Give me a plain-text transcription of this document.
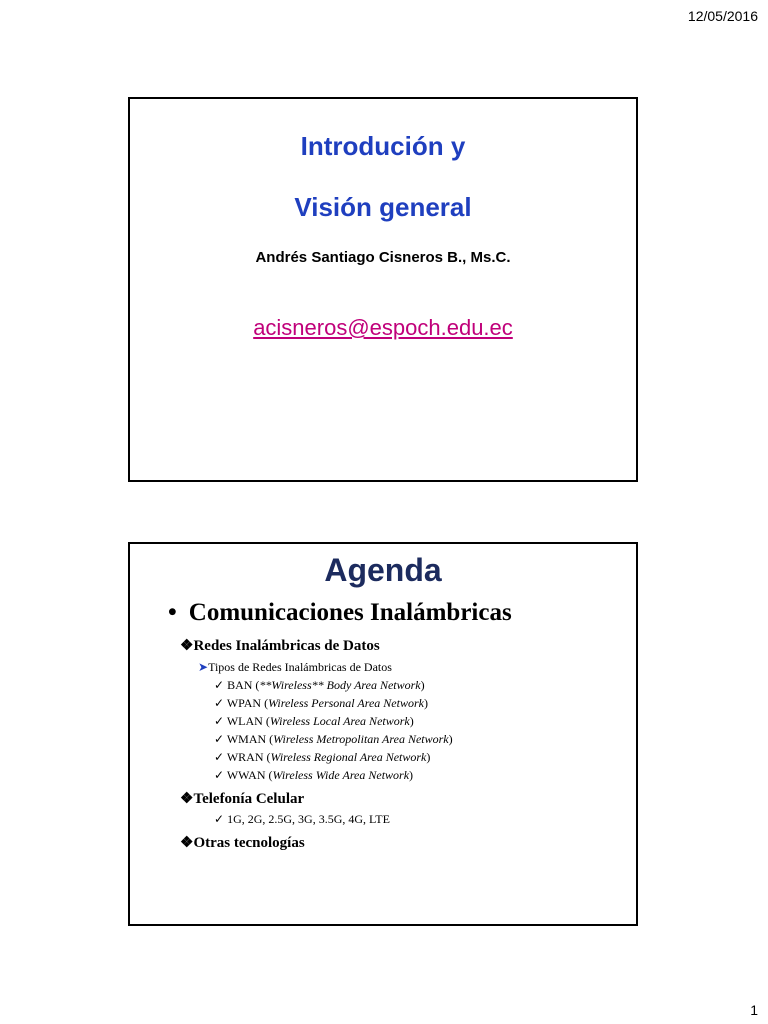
12/05/2016
Introdución y
Visión general
Andrés Santiago Cisneros B., Ms.C.
acisneros@espoch.edu.ec
Agenda
• Comunicaciones Inalámbricas
❖Redes Inalámbricas de Datos
➤Tipos de Redes Inalámbricas de Datos
✓ BAN (**Wireless** Body Area Network)
✓ WPAN (Wireless Personal Area Network)
✓ WLAN (Wireless Local Area Network)
✓ WMAN (Wireless Metropolitan Area Network)
✓ WRAN (Wireless Regional Area Network)
✓ WWAN (Wireless Wide Area Network)
❖Telefonía Celular
✓ 1G, 2G, 2.5G, 3G, 3.5G, 4G, LTE
❖Otras tecnologías
1
